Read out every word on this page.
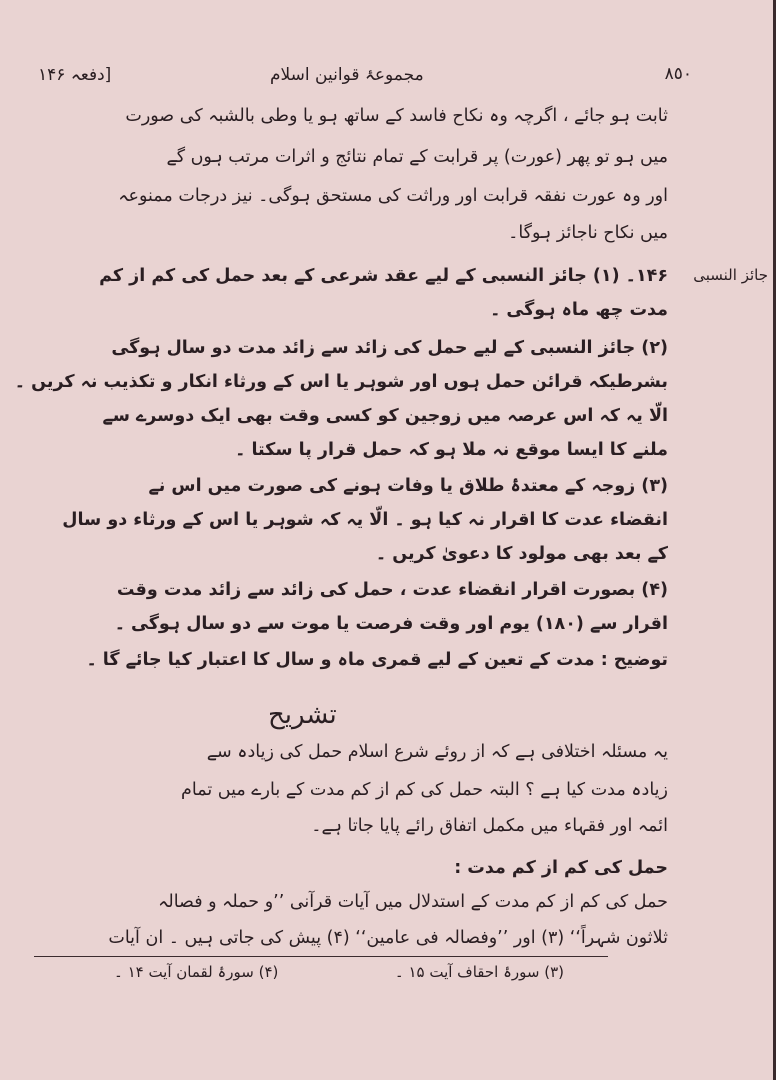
٨٥٠
مجموعۂ قوانین اسلام
[دفعہ ۱۴۶
ثابت ہو جائے ، اگرچہ وہ نکاح فاسد کے ساتھ ہو یا وطی بالشبہ کی صورت
میں ہو تو پھر (عورت) پر قرابت کے تمام نتائج و اثرات مرتب ہوں گے
اور وہ عورت نفقہ قرابت اور وراثت کی مستحق ہوگی۔ نیز درجات ممنوعہ
میں نکاح ناجائز ہوگا۔
جائز النسبی
۱۴۶۔ (۱) جائز النسبی کے لیے عقد شرعی کے بعد حمل کی کم از کم
مدت چھ ماہ ہوگی ۔
(۲) جائز النسبی کے لیے حمل کی زائد سے زائد مدت دو سال ہوگی
بشرطیکہ قرائن حمل ہوں اور شوہر یا اس کے ورثاء انکار و تکذیب نہ کریں ۔
الّا یہ کہ اس عرصہ میں زوجین کو کسی وقت بھی ایک دوسرے سے
ملنے کا ایسا موقع نہ ملا ہو کہ حمل قرار پا سکتا ۔
(۳) زوجہ کے معتدۂ طلاق یا وفات ہونے کی صورت میں اس نے
انقضاء عدت کا اقرار نہ کیا ہو ۔ الّا یہ کہ شوہر یا اس کے ورثاء دو سال
کے بعد بھی مولود کا دعویٰ کریں ۔
(۴) بصورت اقرار انقضاء عدت ، حمل کی زائد سے زائد مدت وقت
اقرار سے (۱۸۰) یوم اور وقت فرصت یا موت سے دو سال ہوگی ۔
توضیح : مدت کے تعین کے لیے قمری ماہ و سال کا اعتبار کیا جائے گا ۔
تشریح
یہ مسئلہ اختلافی ہے کہ از روئے شرع اسلام حمل کی زیادہ سے
زیادہ مدت کیا ہے ؟ البتہ حمل کی کم از کم مدت کے بارے میں تمام
ائمہ اور فقہاء میں مکمل اتفاق رائے پایا جاتا ہے۔
حمل کی کم از کم مدت :
حمل کی کم از کم مدت کے استدلال میں آیات قرآنی ’’و حملہ و فصالہ
ثلاثون شہراً‘‘ (۳) اور ’’وفصالہ فی عامین‘‘ (۴) پیش کی جاتی ہیں ۔ ان آیات
(۳) سورۂ احقاف آیت ۱۵ ۔
(۴) سورۂ لقمان آیت ۱۴ ۔
